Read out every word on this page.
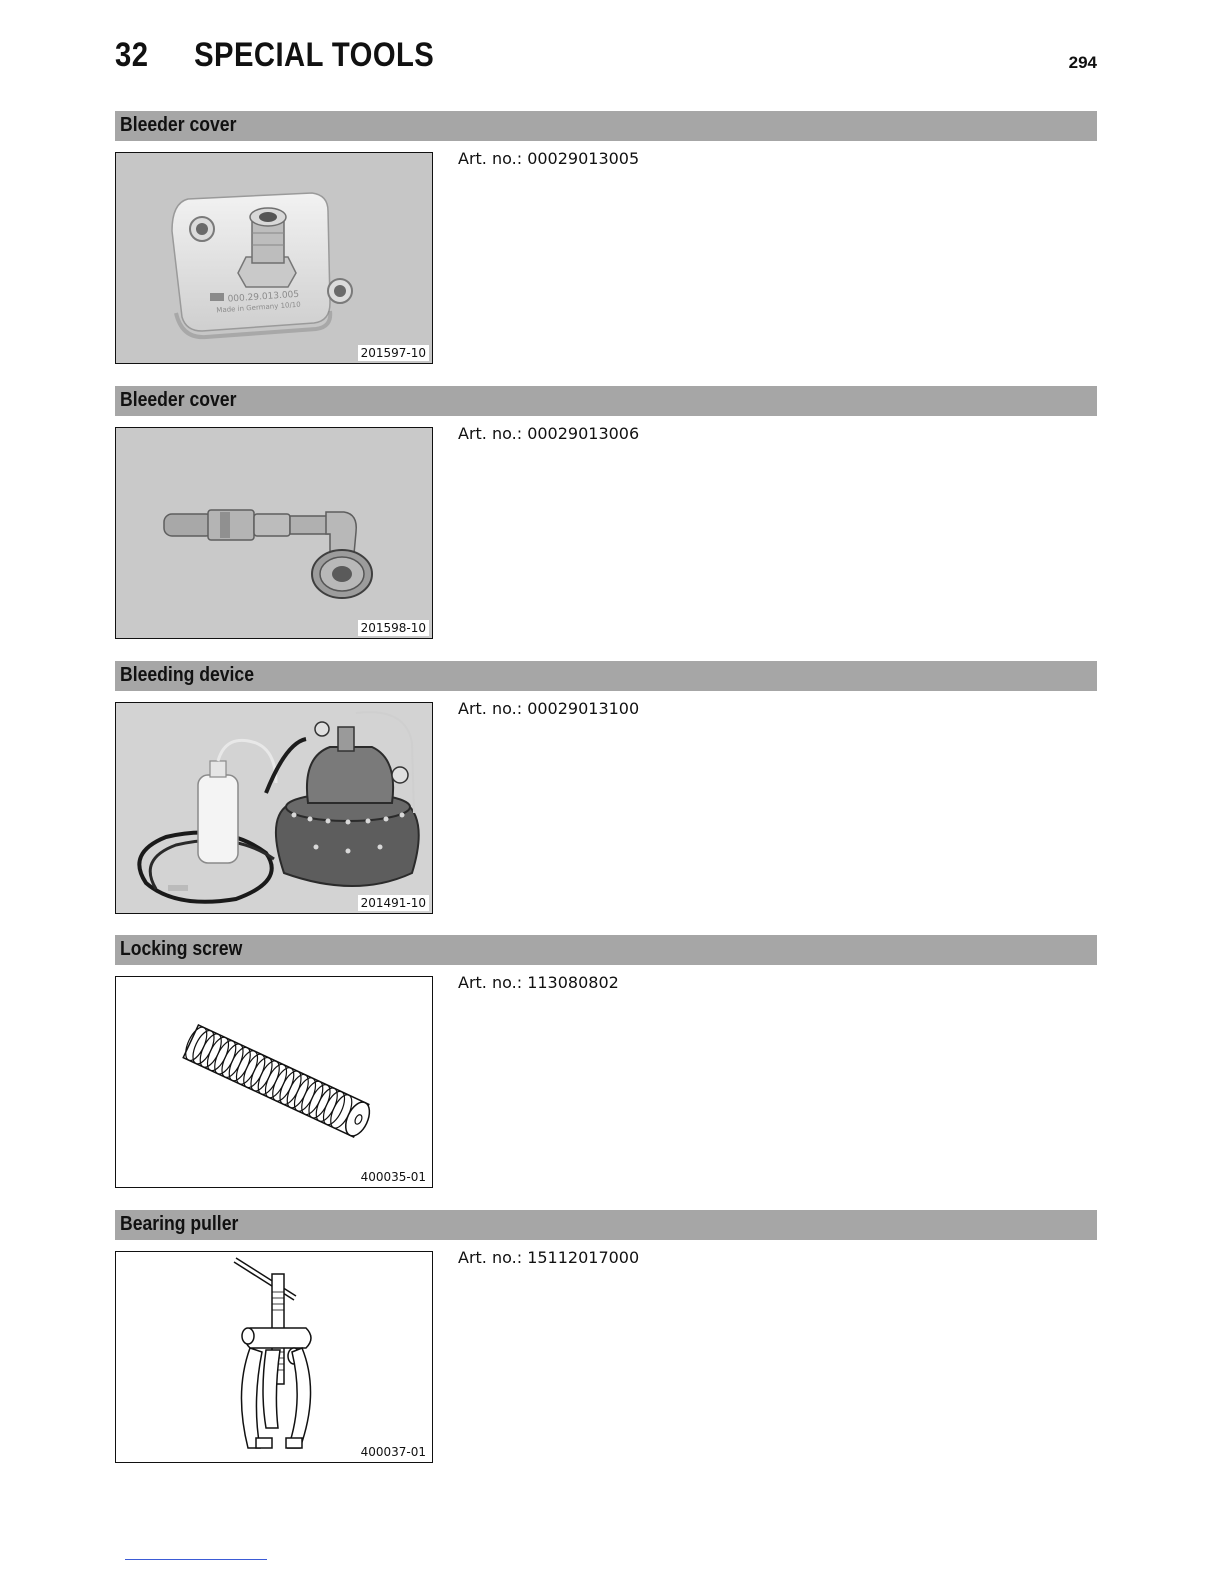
32 SPECIAL TOOLS	294
Bleeder cover
000.29.013.005
Made in Germany 10/10
201597-10
Art. no.: 00029013005
Bleeder cover
201598-10
Art. no.: 00029013006
Bleeding device
201491-10
Art. no.: 00029013100
Locking screw
400035-01
Art. no.: 113080802
Bearing puller
400037-01
Art. no.: 15112017000
